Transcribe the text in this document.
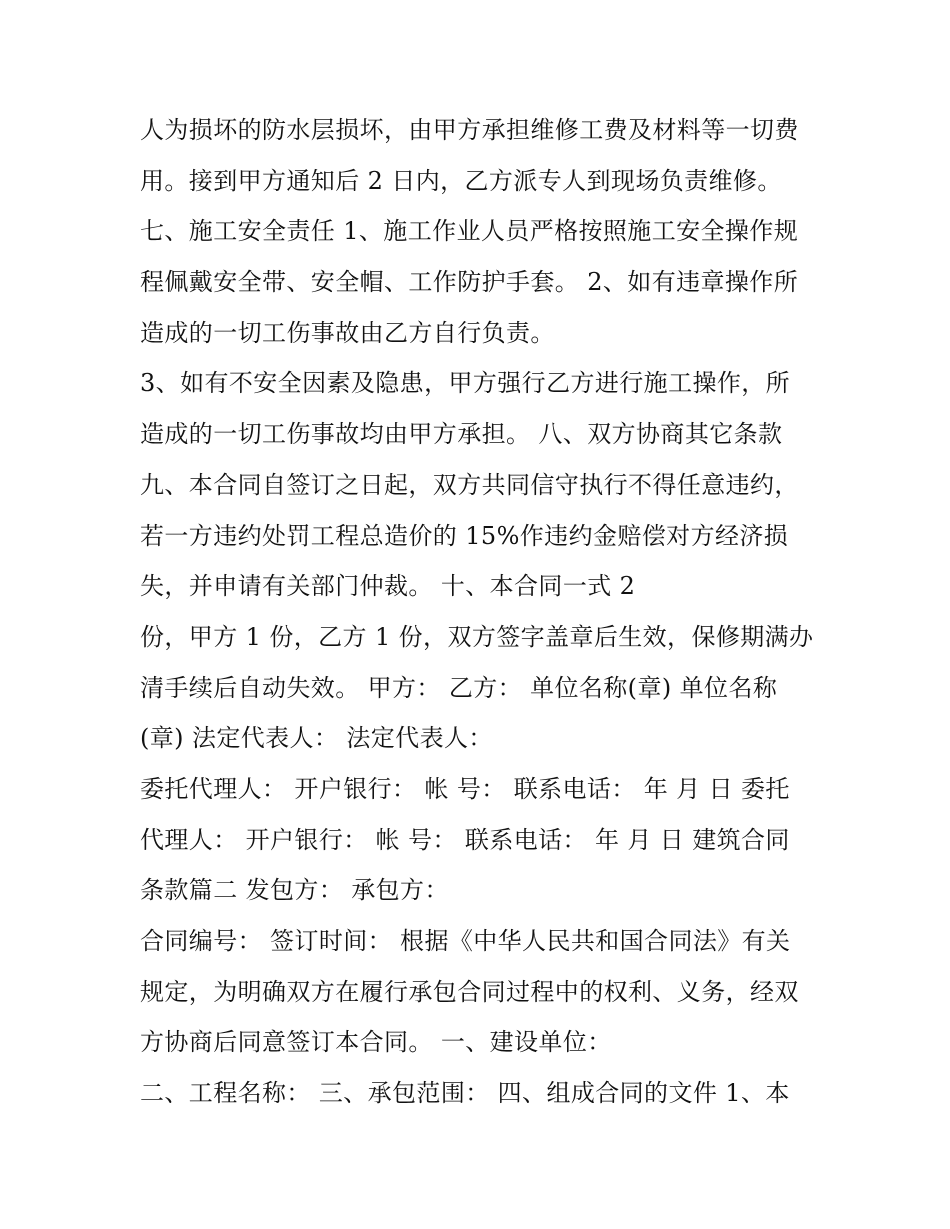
人为损坏的防水层损坏，由甲方承担维修工费及材料等一切费
用。接到甲方通知后 2 日内，乙方派专人到现场负责维修。
七、施工安全责任 1、施工作业人员严格按照施工安全操作规
程佩戴安全带、安全帽、工作防护手套。 2、如有违章操作所
造成的一切工伤事故由乙方自行负责。
3、如有不安全因素及隐患，甲方强行乙方进行施工操作，所
造成的一切工伤事故均由甲方承担。 八、双方协商其它条款
九、本合同自签订之日起，双方共同信守执行不得任意违约，
若一方违约处罚工程总造价的 15%作违约金赔偿对方经济损
失，并申请有关部门仲裁。 十、本合同一式 2
份，甲方 1 份，乙方 1 份，双方签字盖章后生效，保修期满办
清手续后自动失效。 甲方： 乙方： 单位名称(章) 单位名称
(章) 法定代表人： 法定代表人：
委托代理人： 开户银行： 帐 号： 联系电话： 年 月 日 委托
代理人： 开户银行： 帐 号： 联系电话： 年 月 日 建筑合同
条款篇二 发包方： 承包方：
合同编号： 签订时间： 根据《中华人民共和国合同法》有关
规定，为明确双方在履行承包合同过程中的权利、义务，经双
方协商后同意签订本合同。 一、建设单位：
二、工程名称： 三、承包范围： 四、组成合同的文件 1、本
